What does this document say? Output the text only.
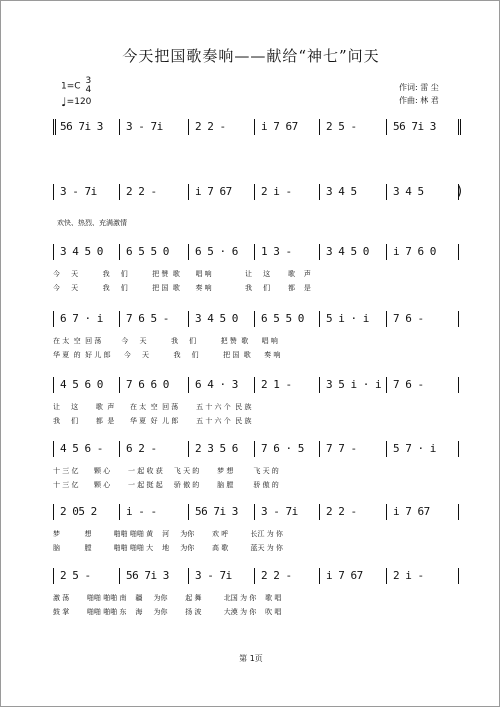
今天把国歌奏响——献给“神七”问天
1=C 3
4
♩=120
作词: 雷 尘
作曲: 林 君
欢快、热烈、充满激情
56 7i 3 3 - 7i	2 2 -	i 7 67	2 5 -	56 7i 3
3 - 7i	2 2 -	i 7 67	2 i -	3 4 5	3 4 5	)
3 4 5 0 6 5 5 0 6 5 · 6 1 3 -	3 4 5 0 i 7 6 0
今     天           我     们           把 赞  歌       唱 响               让     这        歌    声
今     天           我     们           把 国  歌       奏 响               我     们        都    是
6 7 · i 7 6 5 - 3 4 5 0 6 5 5 0 5 i · i 7 6 -
在 太  空  回 荡         今     天           我     们           把 赞  歌      唱 响
华 夏  的  好 儿 郎      今     天           我     们           把 国  歌      奏 响
4 5 6 0 7 6 6 0 6 4 · 3 2 1 -	3 5 i · i 7 6 -
让     这        歌  声       在 太  空  回 荡        五 十 六 个  民 族
我     们        都  是       华 夏  好  儿 郎        五 十 六 个  民 族
4 5 6 - 6 2 -	2 3 5 6 7 6 · 5 7 7 -	5 7 · i
十 三 亿       颗 心        一 起 收 获     飞 天 的        梦 想         飞 天 的
十 三 亿       颗 心        一 起 挺 起     骄 傲 的        脑 膛         骄 傲 的
2 05 2	i - -	56 7i 3 3 - 7i	2 2 -	i 7 67
梦           想          啪啪 啪啪 黄    河     为你        欢 呼          长江 为 你
脑           膛          啪啪 啪啪 大    地     为你        高 歌          蓝天 为 你
2 5 -	56 7i 3 3 - 7i	2 2 -	i 7 67	2 i -
激 荡        啪啪 啪啪 南    疆     为你        起 舞          北国 为 你    歌 唱
鼓 掌        啪啪 啪啪 东    海     为你        扬 波          大漠 为 你    吹 唱
第 1页
